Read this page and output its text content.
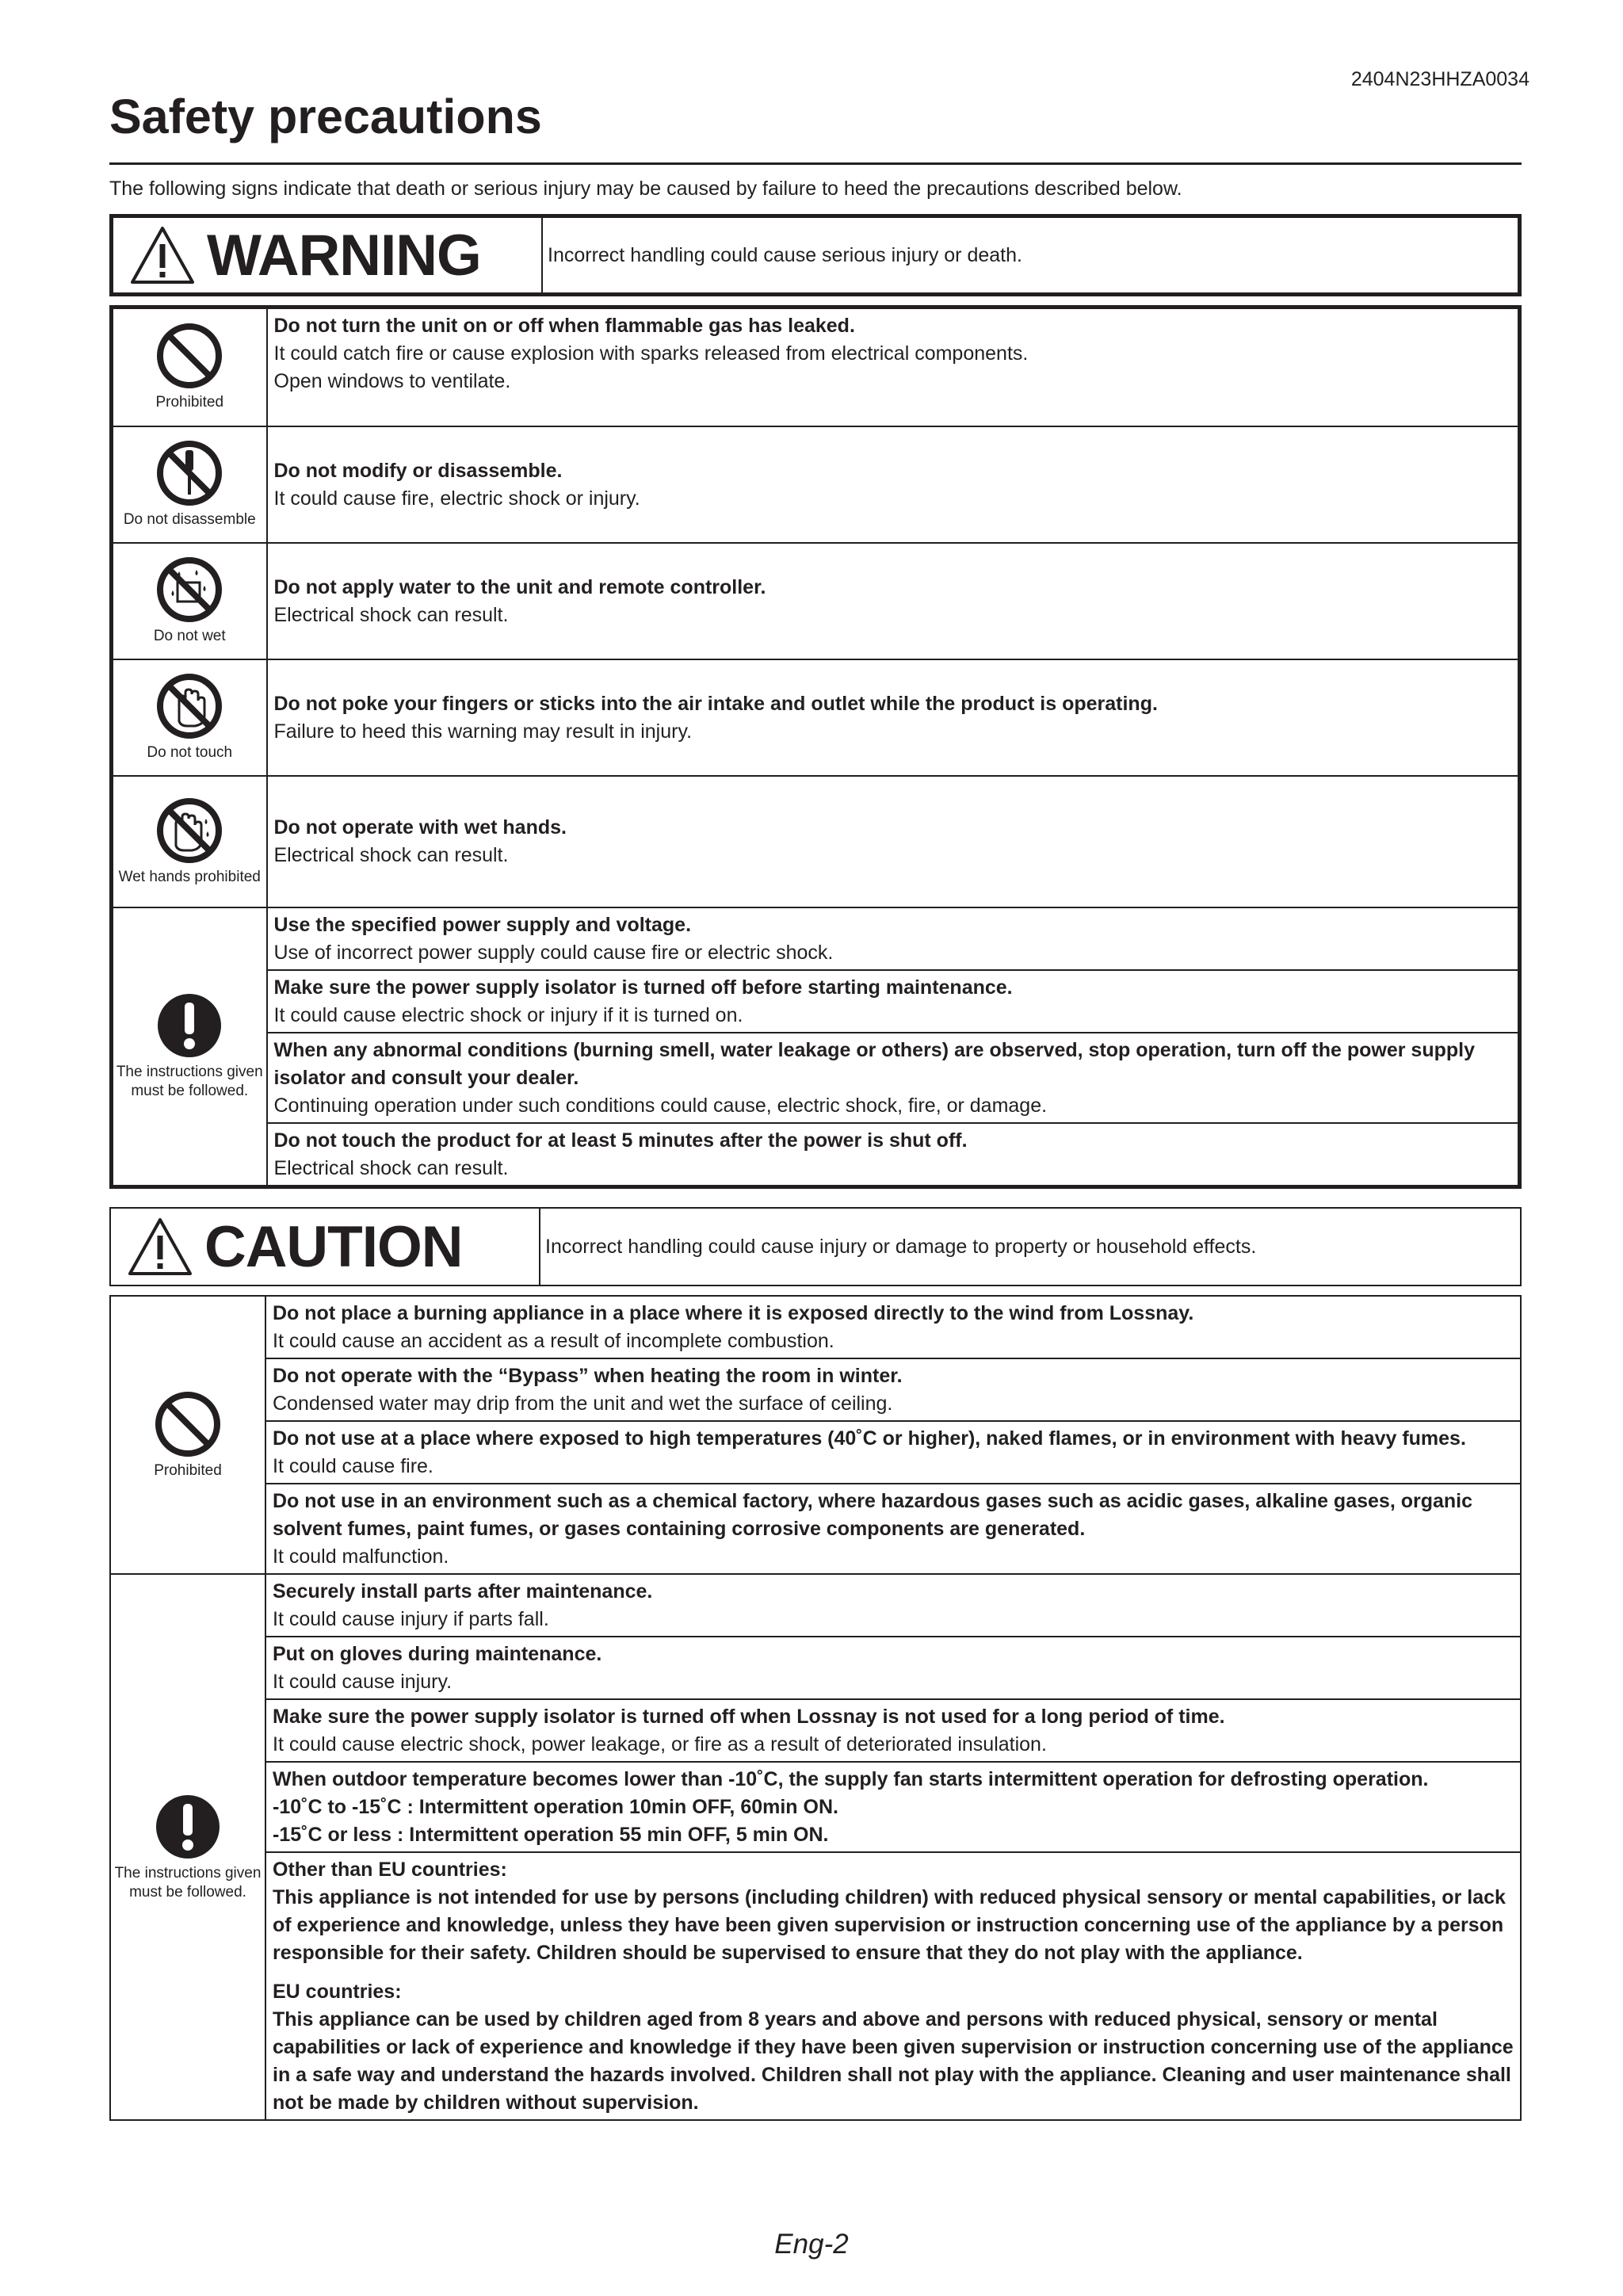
2404N23HHZA0034
Safety precautions
The following signs indicate that death or serious injury may be caused by failure to heed the precautions described below.
WARNING	Incorrect handling could cause serious injury or death.
Prohibited	Do not turn the unit on or off when flammable gas has leaked.
It could catch fire or cause explosion with sparks released from electrical components.
Open windows to ventilate.

Do not disassemble	Do not modify or disassemble.
It could cause fire, electric shock or injury.

Do not wet	Do not apply water to the unit and remote controller.
Electrical shock can result.

Do not touch	Do not poke your fingers or sticks into the air intake and outlet while the product is operating.
Failure to heed this warning may result in injury.

Wet hands prohibited	Do not operate with wet hands.
Electrical shock can result.

The instructions given must be followed.	Use the specified power supply and voltage.
Use of incorrect power supply could cause fire or electric shock.

	Make sure the power supply isolator is turned off before starting maintenance.
It could cause electric shock or injury if it is turned on.

	When any abnormal conditions (burning smell, water leakage or others) are observed, stop operation, turn off the power supply isolator and consult your dealer.
Continuing operation under such conditions could cause, electric shock, fire, or damage.

	Do not touch the product for at least 5 minutes after the power is shut off.
Electrical shock can result.
CAUTION	Incorrect handling could cause injury or damage to property or household effects.
Prohibited	Do not place a burning appliance in a place where it is exposed directly to the wind from Lossnay.
It could cause an accident as a result of incomplete combustion.

	Do not operate with the “Bypass” when heating the room in winter.
Condensed water may drip from the unit and wet the surface of ceiling.

	Do not use at a place where exposed to high temperatures (40˚C or higher), naked flames, or in environment with heavy fumes.
It could cause fire.

	Do not use in an environment such as a chemical factory, where hazardous gases such as acidic gases, alkaline gases, organic solvent fumes, paint fumes, or gases containing corrosive components are generated.
It could malfunction.

The instructions given must be followed.	Securely install parts after maintenance.
It could cause injury if parts fall.

	Put on gloves during maintenance.
It could cause injury.

	Make sure the power supply isolator is turned off when Lossnay is not used for a long period of time.
It could cause electric shock, power leakage, or fire as a result of deteriorated insulation.

	When outdoor temperature becomes lower than -10˚C, the supply fan starts intermittent operation for defrosting operation.
-10˚C to -15˚C : Intermittent operation 10min OFF, 60min ON.
-15˚C or less : Intermittent operation 55 min OFF, 5 min ON.

	Other than EU countries:
This appliance is not intended for use by persons (including children) with reduced physical sensory or mental capabilities, or lack of experience and knowledge, unless they have been given supervision or instruction concerning use of the appliance by a person responsible for their safety. Children should be supervised to ensure that they do not play with the appliance.
EU countries:
This appliance can be used by children aged from 8 years and above and persons with reduced physical, sensory or mental capabilities or lack of experience and knowledge if they have been given supervision or instruction concerning use of the appliance in a safe way and understand the hazards involved. Children shall not play with the appliance. Cleaning and user maintenance shall not be made by children without supervision.
Eng-2
